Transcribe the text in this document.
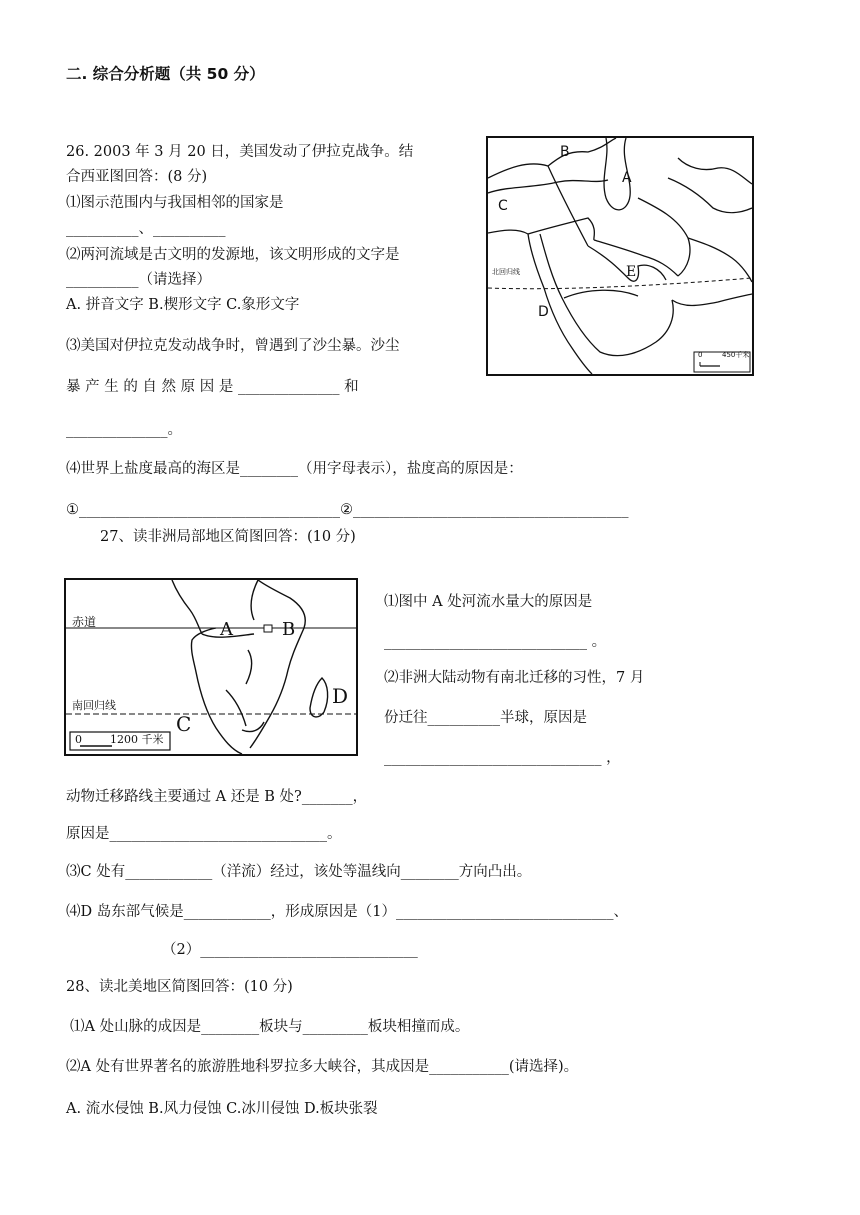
二. 综合分析题（共 50 分）
26. 2003 年 3 月 20 日，美国发动了伊拉克战争。结
合西亚图回答：(8 分)
⑴图示范围内与我国相邻的国家是
__________、__________
⑵两河流域是古文明的发源地，该文明形成的文字是
__________（请选择）
A. 拼音文字 B.楔形文字 C.象形文字
⑶美国对伊拉克发动战争时，曾遇到了沙尘暴。沙尘
暴 产 生 的 自 然 原 因 是 ______________ 和
______________。
⑷世界上盐度最高的海区是________（用字母表示），盐度高的原因是：
①____________________________________②______________________________________
B
A
C
E
D
北回归线
0	450千米
27、读非洲局部地区简图回答：(10 分)
赤道	A	B
南回归线
C
D
0	1200 千米
⑴图中 A 处河流水量大的原因是
____________________________ 。
⑵非洲大陆动物有南北迁移的习性，7 月
份迁往__________半球，原因是
______________________________ ，
动物迁移路线主要通过 A 还是 B 处?_______，
原因是______________________________。
⑶C 处有____________（洋流）经过，该处等温线向________方向凸出。
⑷D 岛东部气候是____________，形成原因是（1）______________________________、
（2）______________________________
28、读北美地区简图回答：(10 分)
⑴A 处山脉的成因是________板块与_________板块相撞而成。
⑵A 处有世界著名的旅游胜地科罗拉多大峡谷，其成因是___________(请选择)。
A. 流水侵蚀 B.风力侵蚀 C.冰川侵蚀 D.板块张裂
